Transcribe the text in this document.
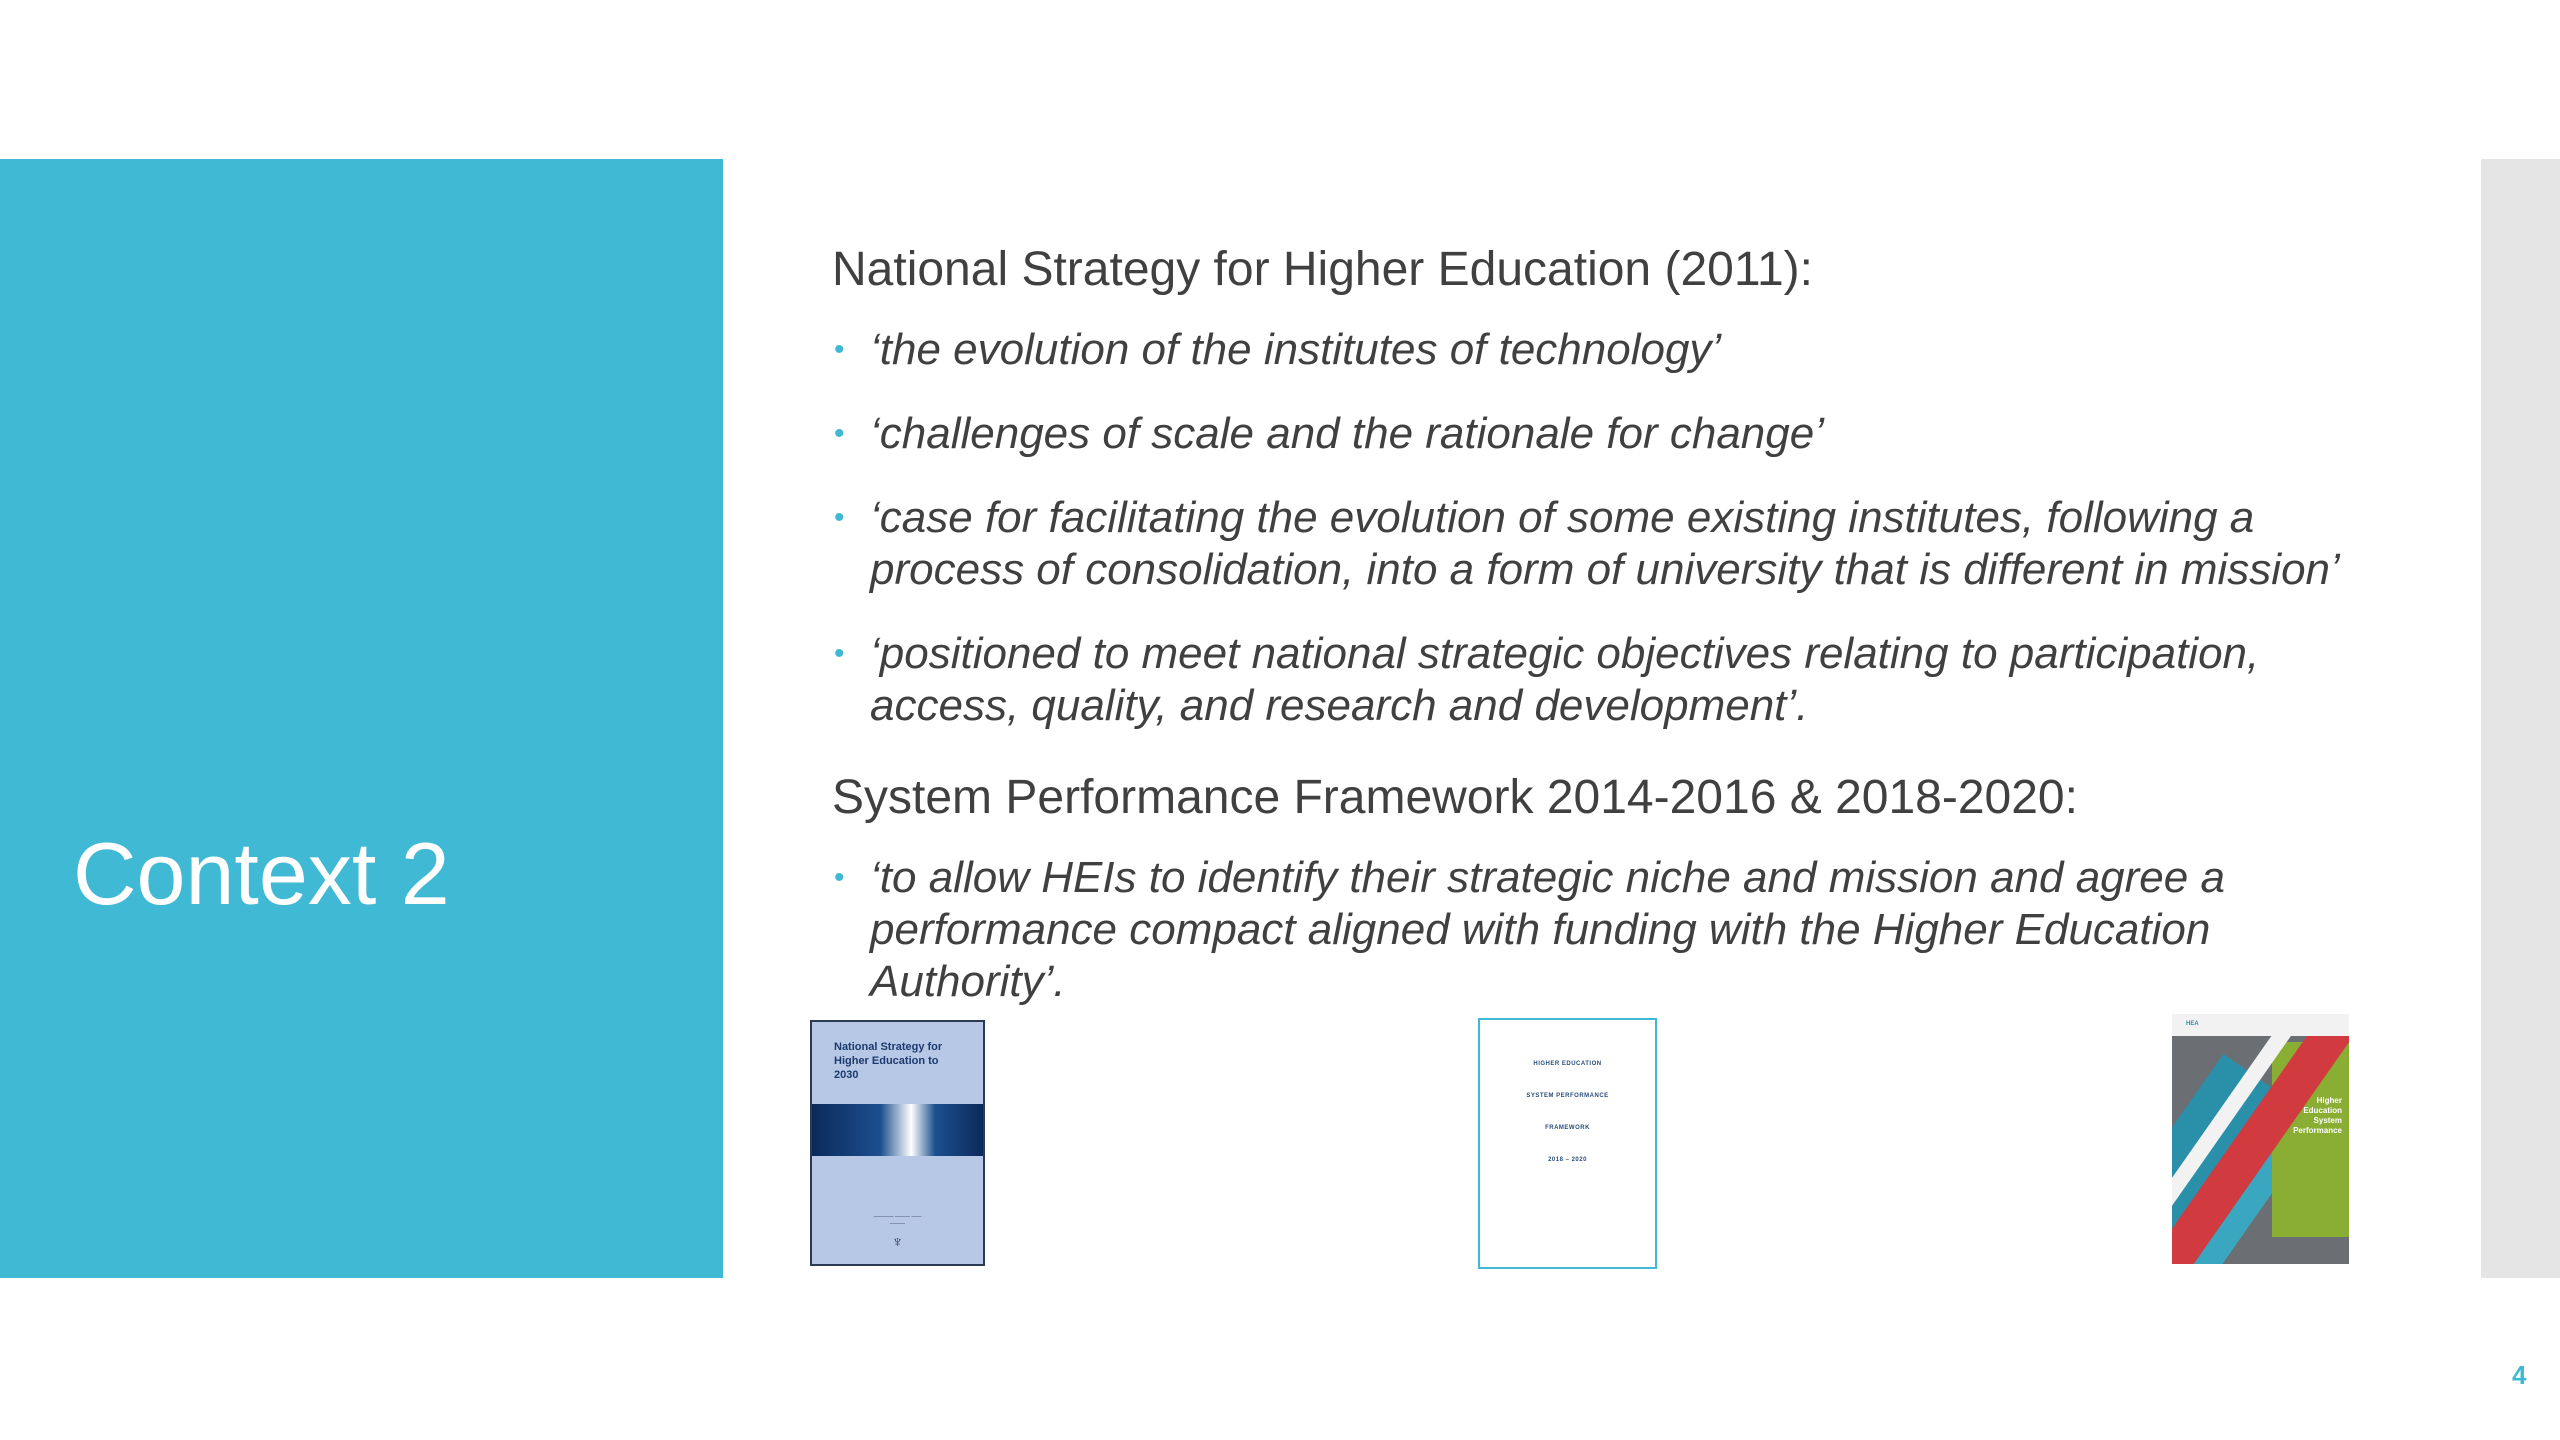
Context 2

National Strategy for Higher Education (2011):

• ‘the evolution of the institutes of technology’
• ‘challenges of scale and the rationale for change’
• ‘case for facilitating the evolution of some existing institutes, following a process of consolidation, into a form of university that is different in mission’
• ‘positioned to meet national strategic objectives relating to participation, access, quality, and research and development’.

System Performance Framework 2014-2016 & 2018-2020:

• ‘to allow HEIs to identify their strategic niche and mission and agree a performance compact aligned with funding with the Higher Education Authority’.
National Strategy for Higher Education to 2030
———— ——— ——
———
♆
HIGHER EDUCATION
SYSTEM PERFORMANCE
FRAMEWORK
2018 – 2020
HEA
Higher Education System Performance
4
